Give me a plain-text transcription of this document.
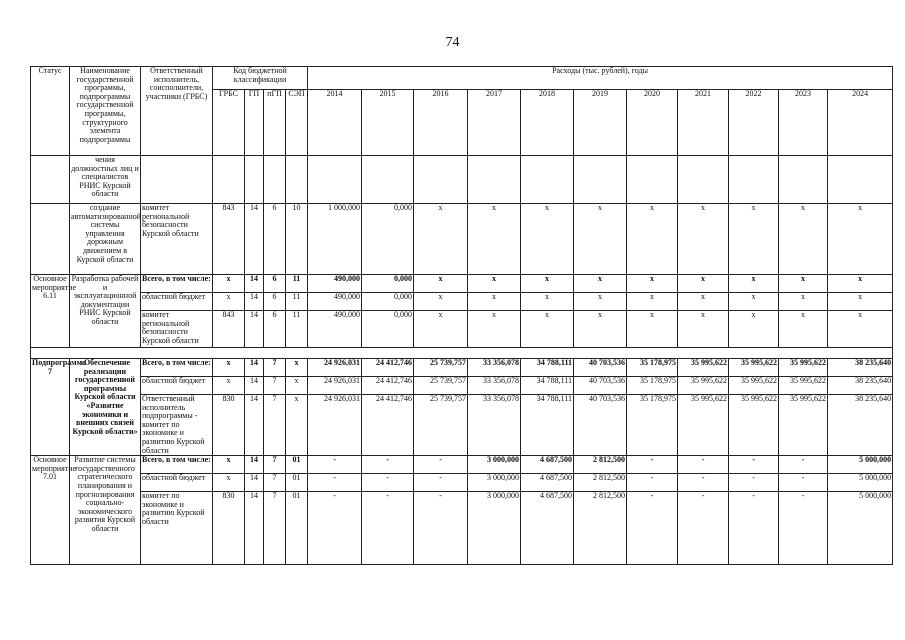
74
Статус	Наименование государственной программы, подпрограммы государственной программы, структурного элемента подпрограммы	Ответственный исполнитель, соисполнители, участники (ГРБС)	Код бюджетной классификации				Расходы (тыс. рублей), годы										
			ГРБС	ГП	пГП	СЭП	2014	2015	2016	2017	2018	2019	2020	2021	2022	2023	2024
	чения должностных лиц и специалистов РНИС Курской области																
	создание автоматизированной системы управления дорожным движением в Курской области	комитет региональной безопасности Курской области	843	14	6	10	1 000,000	0,000	x	x	x	x	x	x	x	x	x
Основное мероприятие 6.11	Разработка рабочей и эксплуатационной документации РНИС Курской области	Всего, в том числе:	x	14	6	11	490,000	0,000	x	x	x	x	x	x	x	x	x
		областной бюджет	x	14	6	11	490,000	0,000	x	x	x	x	x	x	x	x	x
		комитет региональной безопасности Курской области	843	14	6	11	490,000	0,000	x	x	x	x	x	x	x	x	x

Подпрограмма 7	«Обеспечение реализации государственной программы Курской области «Развитие экономики и внешних связей Курской области»	Всего, в том числе:	x	14	7	x	24 926,031	24 412,746	25 739,757	33 356,078	34 788,111	40 703,536	35 178,975	35 995,622	35 995,622	35 995,622	38 235,640
		областной бюджет	x	14	7	x	24 926,031	24 412,746	25 739,757	33 356,078	34 788,111	40 703,536	35 178,975	35 995,622	35 995,622	35 995,622	38 235,640
		Ответственный исполнитель подпрограммы - комитет по экономике и развитию Курской области	830	14	7	x	24 926,031	24 412,746	25 739,757	33 356,078	34 788,111	40 703,536	35 178,975	35 995,622	35 995,622	35 995,622	38 235,640
Основное мероприятие 7.01	Развитие системы государственного стратегического планирования и прогнозирования социально-экономического развития Курской области	Всего, в том числе:	x	14	7	01	-	-	-	3 000,000	4 687,500	2 812,500	-	-	-	-	5 000,000
		областной бюджет	x	14	7	01	-	-	-	3 000,000	4 687,500	2 812,500	-	-	-	-	5 000,000
		комитет по экономике и развитию Курской области	830	14	7	01	-	-	-	3 000,000	4 687,500	2 812,500	-	-	-	-	5 000,000
